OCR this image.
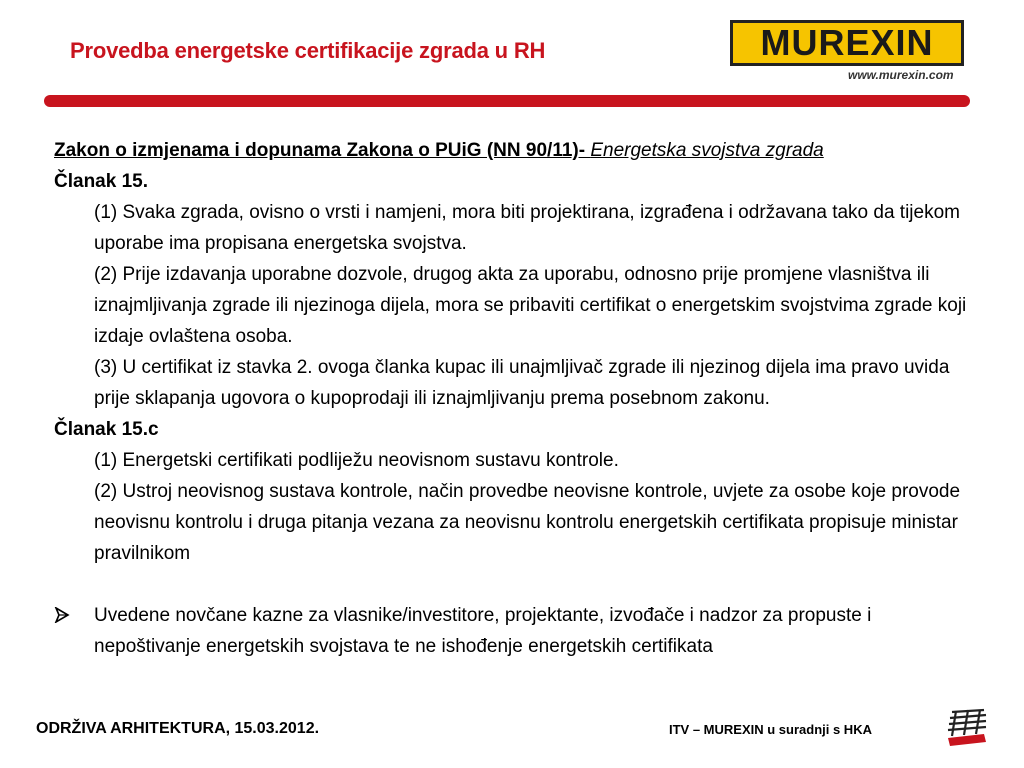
Provedba energetske certifikacije zgrada u RH	MUREXIN
www.murexin.com
Zakon o izmjenama i dopunama Zakona o PUiG (NN 90/11)- Energetska svojstva zgrada
Članak 15.
(1) Svaka zgrada, ovisno o vrsti i namjeni, mora biti projektirana, izgrađena i održavana tako da tijekom uporabe ima propisana energetska svojstva.
(2) Prije izdavanja uporabne dozvole, drugog akta za uporabu, odnosno prije promjene vlasništva ili iznajmljivanja zgrade ili njezinoga dijela, mora se pribaviti certifikat o energetskim svojstvima zgrade koji izdaje ovlaštena osoba.
(3) U certifikat iz stavka 2. ovoga članka kupac ili unajmljivač zgrade ili njezinog dijela ima pravo uvida prije sklapanja ugovora o kupoprodaji ili iznajmljivanju prema posebnom zakonu.
Članak 15.c
(1) Energetski certifikati podliježu neovisnom sustavu kontrole.
(2) Ustroj neovisnog sustava kontrole, način provedbe neovisne kontrole, uvjete za osobe koje provode neovisnu kontrolu i druga pitanja vezana za neovisnu kontrolu energetskih certifikata propisuje ministar pravilnikom
Uvedene novčane kazne za vlasnike/investitore, projektante, izvođače i nadzor za propuste i nepoštivanje energetskih svojstava te ne ishođenje energetskih certifikata
ODRŽIVA ARHITEKTURA, 15.03.2012.	ITV – MUREXIN u suradnji s HKA
